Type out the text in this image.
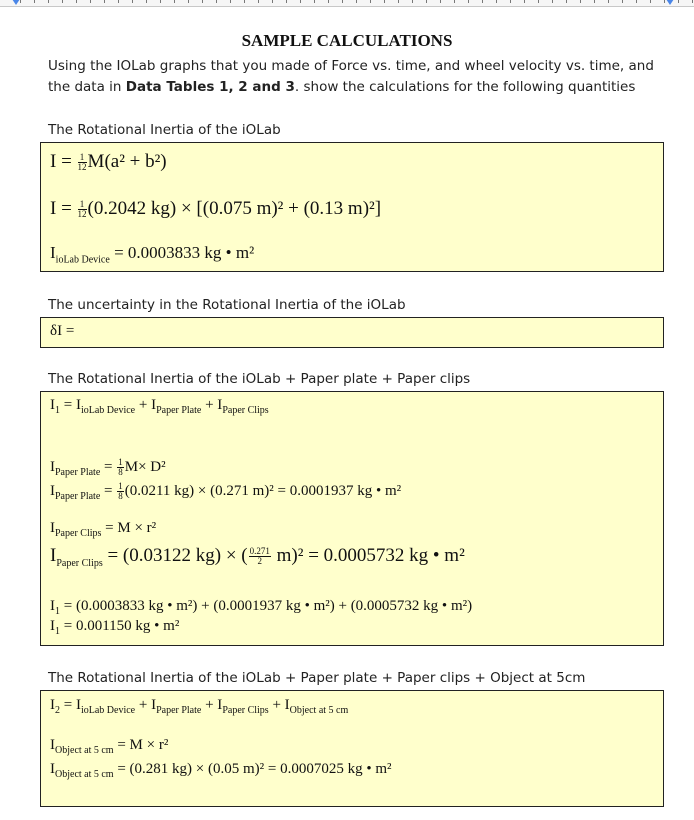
SAMPLE CALCULATIONS
Using the IOLab graphs that you made of Force vs. time, and wheel velocity vs. time, and the data in Data Tables 1, 2 and 3. show the calculations for the following quantities
The Rotational Inertia of the iOLab
$I = \frac{1}{12} M(a^2 + b^2)$
$I = \frac{1}{12} (0.2042$ kg) × [(0.075 m)² + (0.13 m)²]
$I_{ioLab Device} = 0.0003833$ kg • m²
The uncertainty in the Rotational Inertia of the iOLab
δI =
The Rotational Inertia of the iOLab + Paper plate + Paper clips
$I_1 = I_{ioLab Device} + I_{Paper Plate} + I_{Paper Clips}$
$I_{Paper Plate} = \frac{1}{8} M\times D^2$
$I_{Paper Plate} = \frac{1}{8} (0.0211$ kg) × (0.271 m)² = 0.0001937 kg • m²
$I_{Paper Clips} = M \times r^2$
$I_{Paper Clips} = (0.03122$ kg) × ( $\frac{0.271}{2} m)^2 = 0.0005732$ kg • m²
$I_1 = (0.0003833$ kg • m²) + (0.0001937 kg • m²) + (0.0005732 kg • m²)
$I_1 = 0.001150$ kg • m²
The Rotational Inertia of the iOLab + Paper plate + Paper clips + Object at 5cm
$I_2 = I_{ioLab Device} + I_{Paper Plate} + I_{Paper Clips} + I_{Object at 5 cm}$
$I_{Object at 5 cm} = M \times r^2$
$I_{Object at 5 cm} = (0.281$ kg) × (0.05 m)² = 0.0007025 kg • m²
